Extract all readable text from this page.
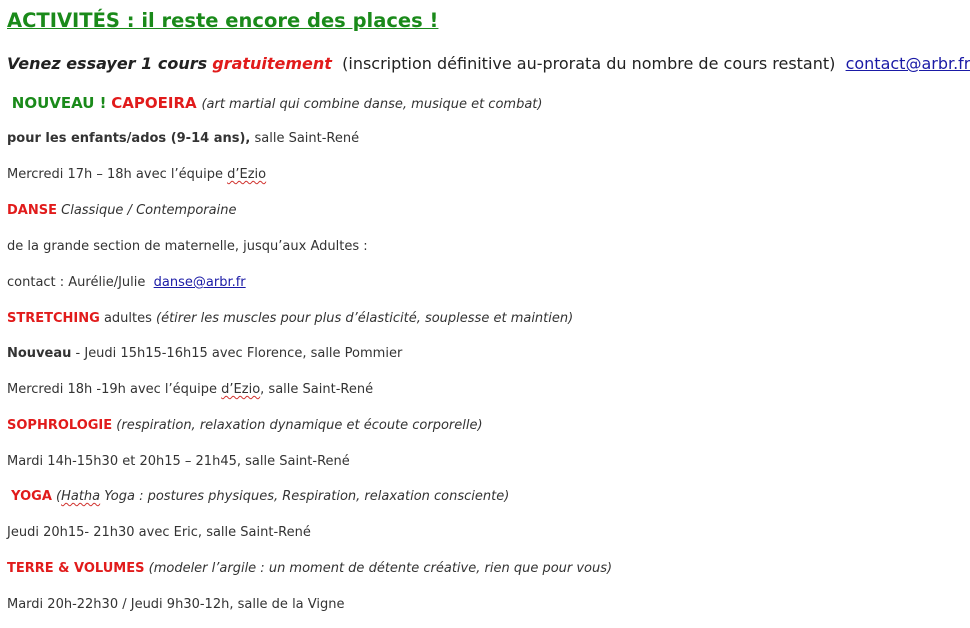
ACTIVITÉS : il reste encore des places !
Venez essayer 1 cours gratuitement (inscription définitive au-prorata du nombre de cours restant) contact@arbr.fr
NOUVEAU ! CAPOEIRA (art martial qui combine danse, musique et combat)
pour les enfants/ados (9-14 ans), salle Saint-René
Mercredi 17h – 18h avec l’équipe d’Ezio
DANSE Classique / Contemporaine
de la grande section de maternelle, jusqu’aux Adultes :
contact : Aurélie/Julie danse@arbr.fr
STRETCHING adultes (étirer les muscles pour plus d’élasticité, souplesse et maintien)
Nouveau - Jeudi 15h15-16h15 avec Florence, salle Pommier
Mercredi 18h -19h avec l’équipe d’Ezio, salle Saint-René
SOPHROLOGIE (respiration, relaxation dynamique et écoute corporelle)
Mardi 14h-15h30 et 20h15 – 21h45, salle Saint-René
YOGA (Hatha Yoga : postures physiques, Respiration, relaxation consciente)
Jeudi 20h15- 21h30 avec Eric, salle Saint-René
TERRE & VOLUMES (modeler l’argile : un moment de détente créative, rien que pour vous)
Mardi 20h-22h30 / Jeudi 9h30-12h, salle de la Vigne
